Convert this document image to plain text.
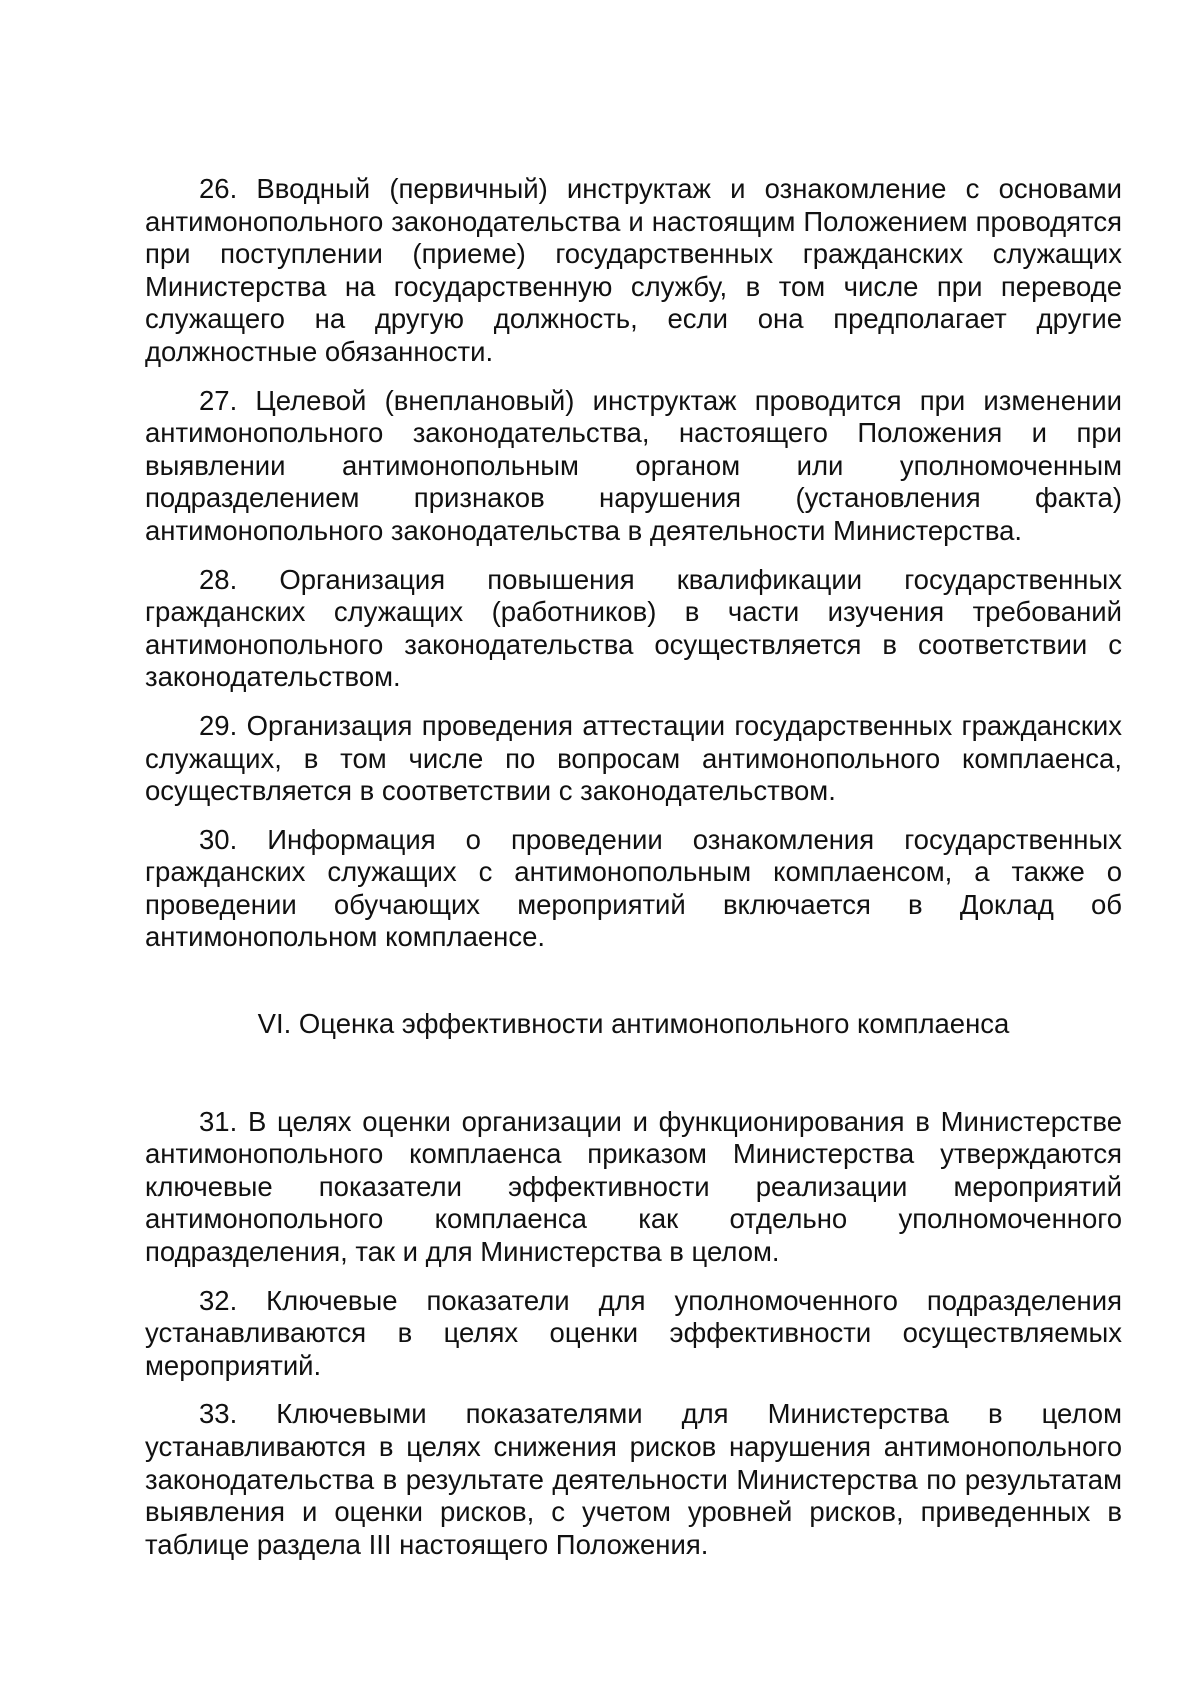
26. Вводный (первичный) инструктаж и ознакомление с основами антимонопольного законодательства и настоящим Положением проводятся при поступлении (приеме) государственных гражданских служащих Министерства на государственную службу, в том числе при переводе служащего на другую должность, если она предполагает другие должностные обязанности.

27. Целевой (внеплановый) инструктаж проводится при изменении антимонопольного законодательства, настоящего Положения и при выявлении антимонопольным органом или уполномоченным подразделением признаков нарушения (установления факта) антимонопольного законодательства в деятельности Министерства.

28. Организация повышения квалификации государственных гражданских служащих (работников) в части изучения требований антимонопольного законодательства осуществляется в соответствии с законодательством.

29. Организация проведения аттестации государственных гражданских служащих, в том числе по вопросам антимонопольного комплаенса, осуществляется в соответствии с законодательством.

30. Информация о проведении ознакомления государственных гражданских служащих с антимонопольным комплаенсом, а также о проведении обучающих мероприятий включается в Доклад об антимонопольном комплаенсе.

VI. Оценка эффективности антимонопольного комплаенса

31. В целях оценки организации и функционирования в Министерстве антимонопольного комплаенса приказом Министерства утверждаются ключевые показатели эффективности реализации мероприятий антимонопольного комплаенса как отдельно уполномоченного подразделения, так и для Министерства в целом.

32. Ключевые показатели для уполномоченного подразделения устанавливаются в целях оценки эффективности осуществляемых мероприятий.

33. Ключевыми показателями для Министерства в целом устанавливаются в целях снижения рисков нарушения антимонопольного законодательства в результате деятельности Министерства по результатам выявления и оценки рисков, с учетом уровней рисков, приведенных в таблице раздела III настоящего Положения.
